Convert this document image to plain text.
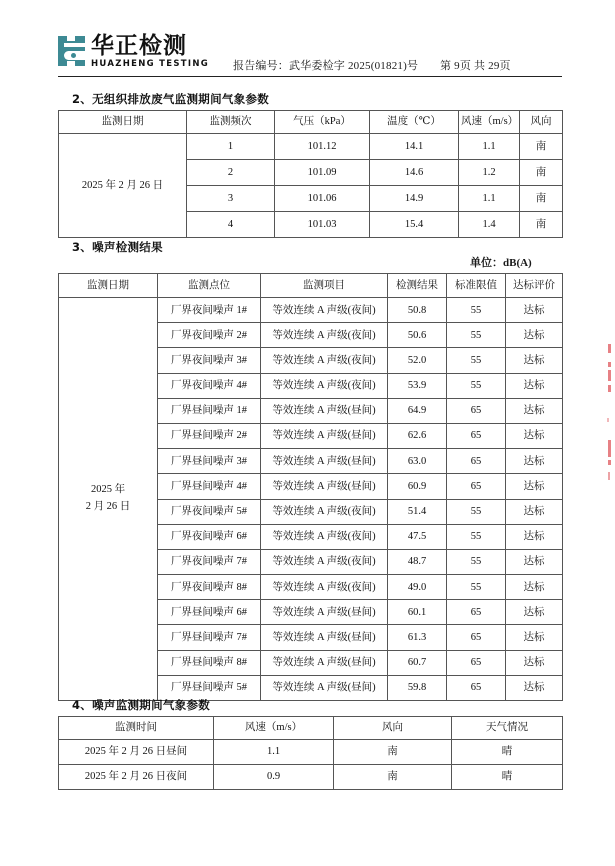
华正检测
HUAZHENG TESTING 报告编号：武华委检字 2025(01821)号 第 9页 共 29页
2、无组织排放废气监测期间气象参数
监测日期	监测频次	气压（kPa）	温度（℃）	风速（m/s）	风向
2025 年 2 月 26 日	1	101.12	14.1	1.1	南
	2	101.09	14.6	1.2	南
	3	101.06	14.9	1.1	南
	4	101.03	15.4	1.4	南
3、噪声检测结果
单位：dB(A)
监测日期	监测点位	监测项目	检测结果	标准限值	达标评价
2025 年
2 月 26 日	厂界夜间噪声 1#	等效连续 A 声级(夜间)	50.8	55	达标
	厂界夜间噪声 2#	等效连续 A 声级(夜间)	50.6	55	达标
	厂界夜间噪声 3#	等效连续 A 声级(夜间)	52.0	55	达标
	厂界夜间噪声 4#	等效连续 A 声级(夜间)	53.9	55	达标
	厂界昼间噪声 1#	等效连续 A 声级(昼间)	64.9	65	达标
	厂界昼间噪声 2#	等效连续 A 声级(昼间)	62.6	65	达标
	厂界昼间噪声 3#	等效连续 A 声级(昼间)	63.0	65	达标
	厂界昼间噪声 4#	等效连续 A 声级(昼间)	60.9	65	达标
	厂界夜间噪声 5#	等效连续 A 声级(夜间)	51.4	55	达标
	厂界夜间噪声 6#	等效连续 A 声级(夜间)	47.5	55	达标
	厂界夜间噪声 7#	等效连续 A 声级(夜间)	48.7	55	达标
	厂界夜间噪声 8#	等效连续 A 声级(夜间)	49.0	55	达标
	厂界昼间噪声 6#	等效连续 A 声级(昼间)	60.1	65	达标
	厂界昼间噪声 7#	等效连续 A 声级(昼间)	61.3	65	达标
	厂界昼间噪声 8#	等效连续 A 声级(昼间)	60.7	65	达标
	厂界昼间噪声 5#	等效连续 A 声级(昼间)	59.8	65	达标
4、噪声监测期间气象参数
监测时间	风速（m/s）	风向	天气情况
2025 年 2 月 26 日昼间	1.1	南	晴
2025 年 2 月 26 日夜间	0.9	南	晴
